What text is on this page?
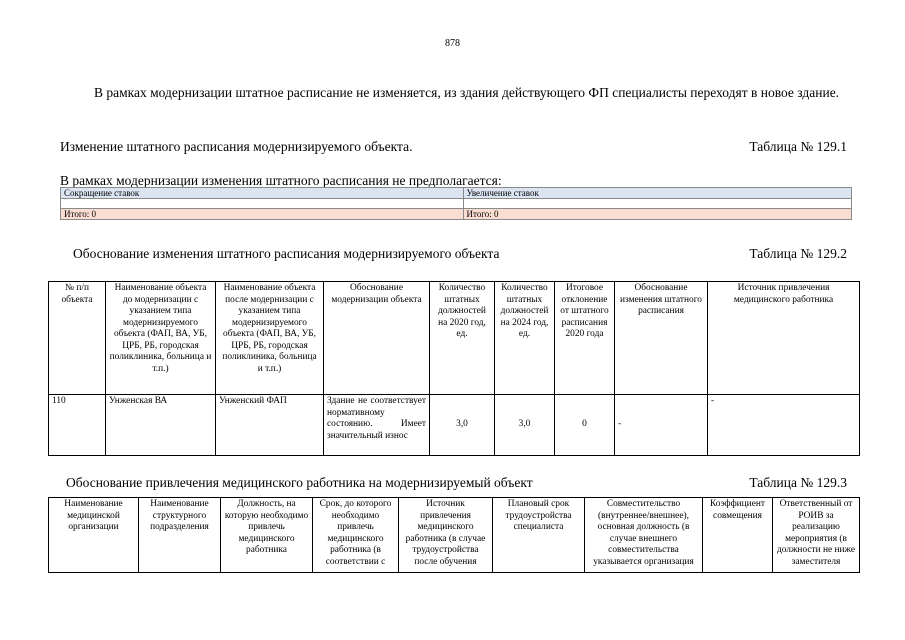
878
В рамках модернизации штатное расписание не изменяется, из здания действующего ФП специалисты переходят в новое здание.
Изменение штатного расписания модернизируемого объекта.	Таблица № 129.1
В рамках модернизации изменения штатного расписания не предполагается:
Сокращение ставок	Увеличение ставок

Итого: 0	Итого: 0
Обоснование изменения штатного расписания модернизируемого объекта	Таблица № 129.2
№ п/п объекта	Наименование объекта до модернизации с указанием типа модернизируемого объекта (ФАП, ВА, УБ, ЦРБ, РБ, городская поликлиника, больница и т.п.)	Наименование объекта после модернизации с указанием типа модернизируемого объекта (ФАП, ВА, УБ, ЦРБ, РБ, городская поликлиника, больница и т.п.)	Обоснование модернизации объекта	Количество штатных должностей на 2020 год, ед.	Количество штатных должностей на 2024 год, ед.	Итоговое отклонение от штатного расписания 2020 года	Обоснование изменения штатного расписания	Источник привлечения медицинского работника
110	Унженская ВА	Унженский ФАП	Здание не соответствует нормативному состоянию. Имеет значительный износ	3,0	3,0	0	-	-
Обоснование привлечения медицинского работника на модернизируемый объект	Таблица № 129.3
Наименование медицинской организации	Наименование структурного подразделения	Должность, на которую необходимо привлечь медицинского работника	Срок, до которого необходимо привлечь медицинского работника (в соответствии с	Источник привлечения медицинского работника (в случае трудоустройства после обучения	Плановый срок трудоустройства специалиста	Совместительство (внутреннее/внешнее), основная должность (в случае внешнего совместительства указывается организация	Коэффициент совмещения	Ответственный от РОИВ за реализацию мероприятия (в должности не ниже заместителя
